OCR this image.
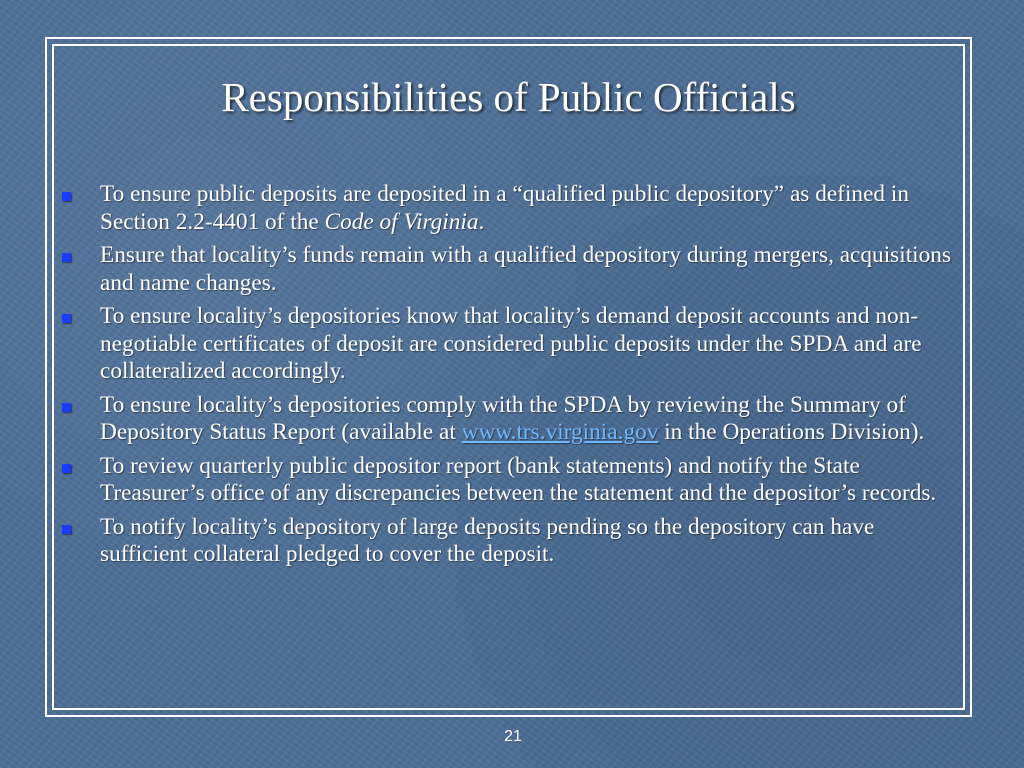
Responsibilities of Public Officials
To ensure public deposits are deposited in a “qualified public depository” as defined in Section 2.2-4401 of the Code of Virginia.
Ensure that locality’s funds remain with a qualified depository during mergers, acquisitions and name changes.
To ensure locality’s depositories know that locality’s demand deposit accounts and non-negotiable certificates of deposit are considered public deposits under the SPDA and are collateralized accordingly.
To ensure locality’s depositories comply with the SPDA by reviewing the Summary of Depository Status Report (available at www.trs.virginia.gov in the Operations Division).
To review quarterly public depositor report (bank statements) and notify the State Treasurer’s office of any discrepancies between the statement and the depositor’s records.
To notify locality’s depository of large deposits pending so the depository can have sufficient collateral pledged to cover the deposit.
21
